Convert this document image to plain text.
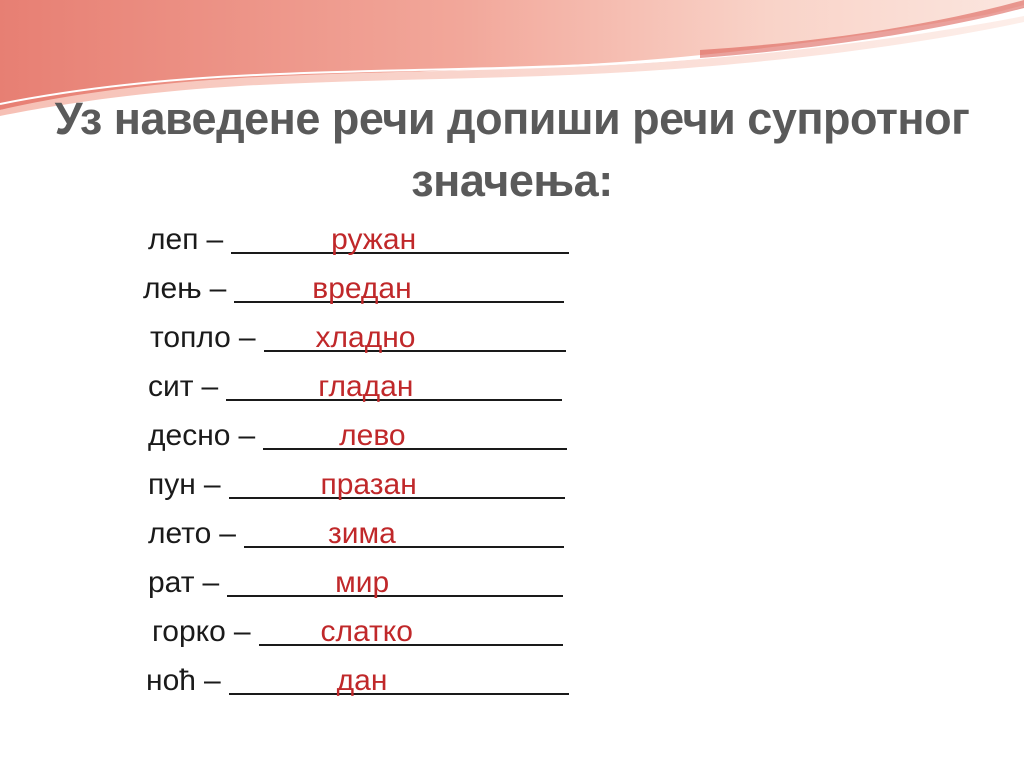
Уз наведене речи допиши речи супротног
значења:
леп –	ружан
лењ –	вредан
топло – хладно
сит –	гладан
десно –	лево
пун –	празан
лето –	зима
рат –	мир
горко – слатко
ноћ –	дан
